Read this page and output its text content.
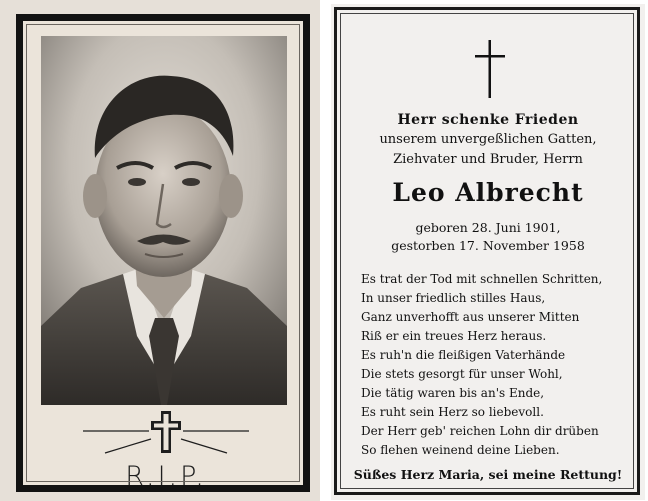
R.I.P.
Herr schenke Frieden
unserem unvergeßlichen Gatten,
Ziehvater und Bruder, Herrn
Leo Albrecht
geboren 28. Juni 1901,
gestorben 17. November 1958
Es trat der Tod mit schnellen Schritten,
In unser friedlich stilles Haus,
Ganz unverhofft aus unserer Mitten
Riß er ein treues Herz heraus.
Es ruh'n die fleißigen Vaterhände
Die stets gesorgt für unser Wohl,
Die tätig waren bis an's Ende,
Es ruht sein Herz so liebevoll.
Der Herr geb' reichen Lohn dir drüben
So flehen weinend deine Lieben.
Süßes Herz Maria, sei meine Rettung!
